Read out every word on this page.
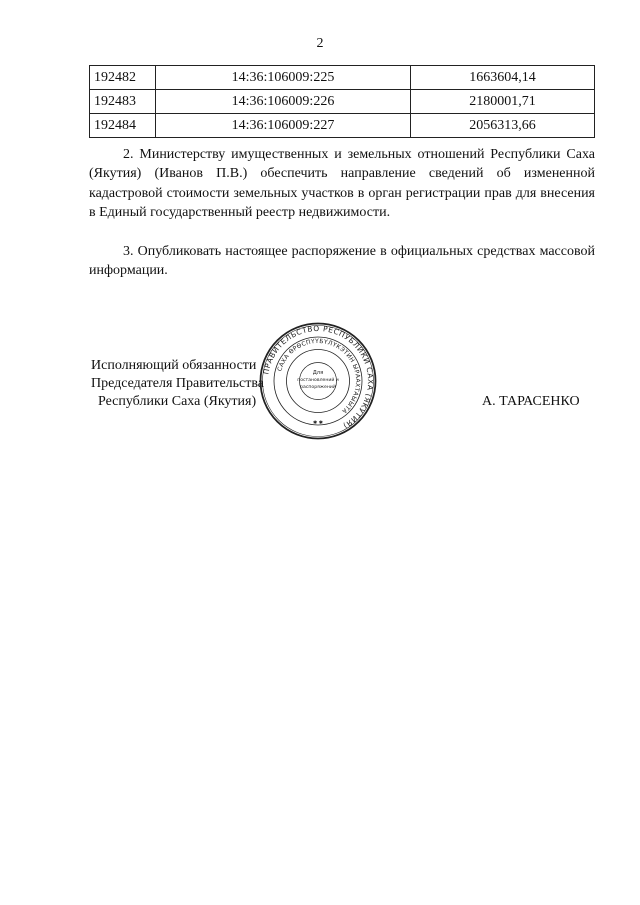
2
192482	14:36:106009:225	1663604,14
192483	14:36:106009:226	2180001,71
192484	14:36:106009:227	2056313,66

2. Министерству имущественных и земельных отношений Республики Саха (Якутия) (Иванов П.В.) обеспечить направление сведений об измененной кадастровой стоимости земельных участков в орган регистрации прав для внесения в Единый государственный реестр недвижимости.

3. Опубликовать настоящее распоряжение в официальных средствах массовой информации.

Исполняющий обязанности
Председателя Правительства
Республики Саха (Якутия)	А. ТАРАСЕНКО
ПРАВИТЕЛЬСТВО РЕСПУБЛИКИ САХА (ЯКУТИЯ)
САХА ӨРӨСПҮҮБҮЛҮКЭТИН ЫРААХТАЫЫТА
Для
постановлений и
распоряжений
✱ ✱
